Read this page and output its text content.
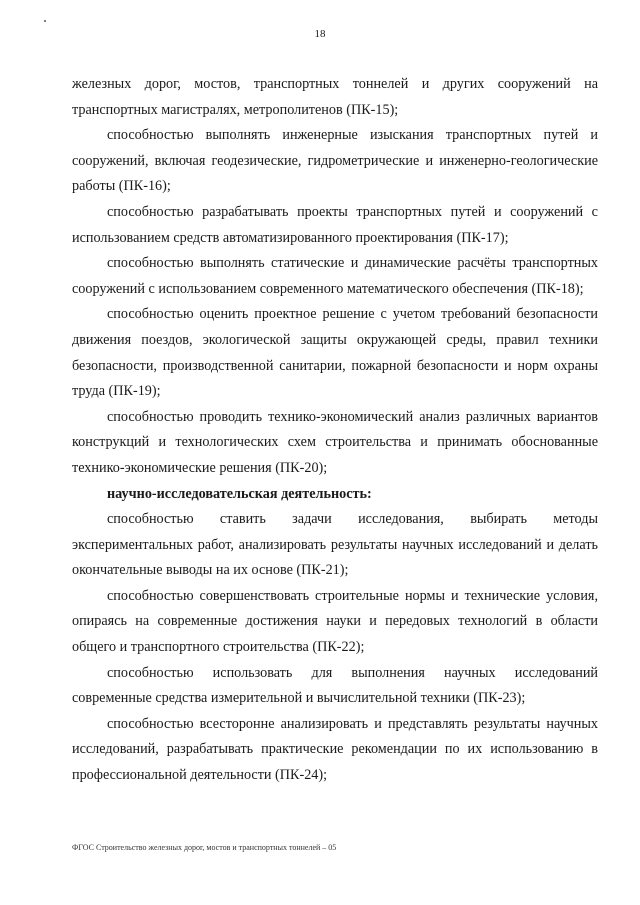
18

железных дорог, мостов, транспортных тоннелей и других сооружений на транспортных магистралях, метрополитенов (ПК-15);

способностью выполнять инженерные изыскания транспортных путей и сооружений, включая геодезические, гидрометрические и инженерно-геологические работы (ПК-16);

способностью разрабатывать проекты транспортных путей и сооружений с использованием средств автоматизированного проектирования (ПК-17);

способностью выполнять статические и динамические расчёты транспортных сооружений с использованием современного математического обеспечения (ПК-18);

способностью оценить проектное решение с учетом требований безопасности движения поездов, экологической защиты окружающей среды, правил техники безопасности, производственной санитарии, пожарной безопасности и норм охраны труда (ПК-19);

способностью проводить технико-экономический анализ различных вариантов конструкций и технологических схем строительства и принимать обоснованные технико-экономические решения (ПК-20);

научно-исследовательская деятельность:

способностью ставить задачи исследования, выбирать методы экспериментальных работ, анализировать результаты научных исследований и делать окончательные выводы на их основе (ПК-21);

способностью совершенствовать строительные нормы и технические условия, опираясь на современные достижения науки и передовых технологий в области общего и транспортного строительства (ПК-22);

способностью использовать для выполнения научных исследований современные средства измерительной и вычислительной техники (ПК-23);

способностью всесторонне анализировать и представлять результаты научных исследований, разрабатывать практические рекомендации по их использованию в профессиональной деятельности (ПК-24);

ФГОС Строительство железных дорог, мостов и транспортных тоннелей – 05
